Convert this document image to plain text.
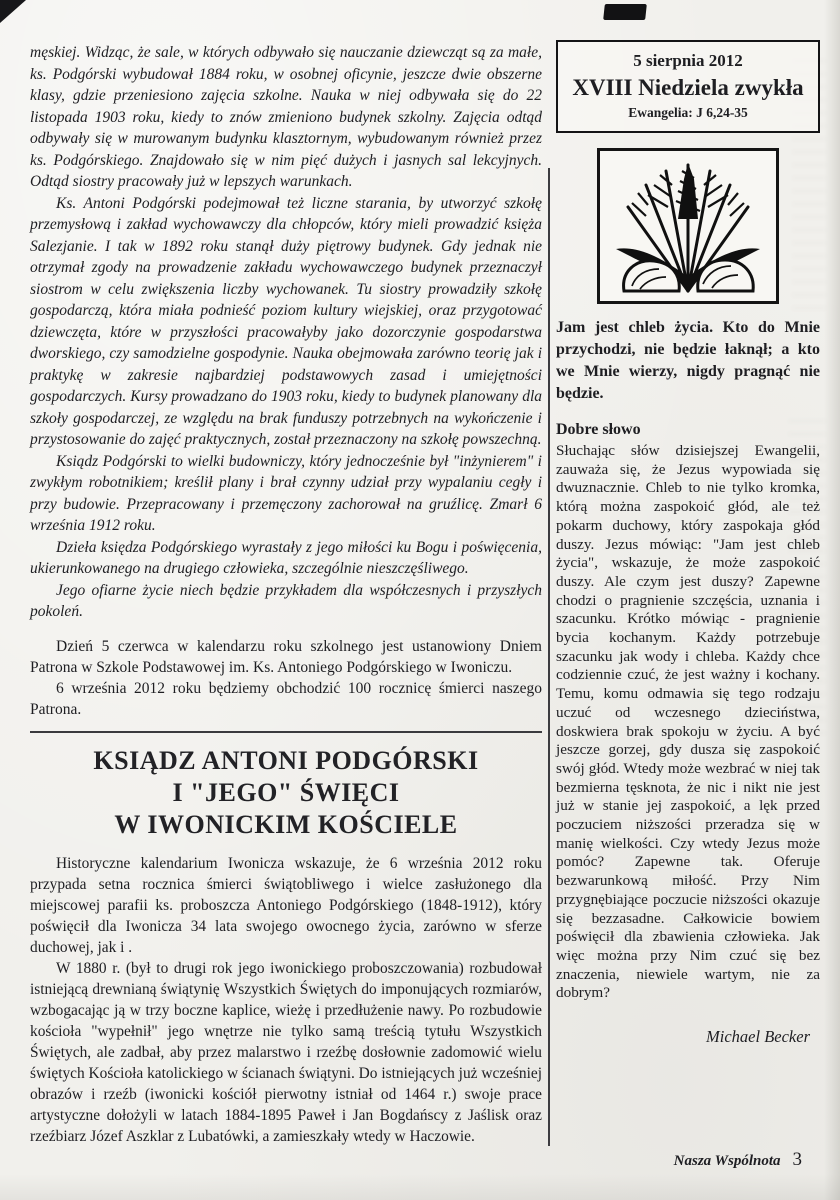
męskiej. Widząc, że sale, w których odbywało się nauczanie dziewcząt są za małe, ks. Podgórski wybudował 1884 roku, w osobnej oficynie, jeszcze dwie obszerne klasy, gdzie przeniesiono zajęcia szkolne. Nauka w niej odbywała się do 22 listopada 1903 roku, kiedy to znów zmieniono budynek szkolny. Zajęcia odtąd odbywały się w murowanym budynku klasztornym, wybudowanym również przez ks. Podgórskiego. Znajdowało się w nim pięć dużych i jasnych sal lekcyjnych. Odtąd siostry pracowały już w lepszych warunkach.

Ks. Antoni Podgórski podejmował też liczne starania, by utworzyć szkołę przemysłową i zakład wychowawczy dla chłopców, który mieli prowadzić księża Salezjanie. I tak w 1892 roku stanął duży piętrowy budynek. Gdy jednak nie otrzymał zgody na prowadzenie zakładu wychowawczego budynek przeznaczył siostrom w celu zwiększenia liczby wychowanek. Tu siostry prowadziły szkołę gospodarczą, która miała podnieść poziom kultury wiejskiej, oraz przygotować dziewczęta, które w przyszłości pracowałyby jako dozorczynie gospodarstwa dworskiego, czy samodzielne gospodynie. Nauka obejmowała zarówno teorię jak i praktykę w zakresie najbardziej podstawowych zasad i umiejętności gospodarczych. Kursy prowadzano do 1903 roku, kiedy to budynek planowany dla szkoły gospodarczej, ze względu na brak funduszy potrzebnych na wykończenie i przystosowanie do zajęć praktycznych, został przeznaczony na szkołę powszechną.

Ksiądz Podgórski to wielki budowniczy, który jednocześnie był "inżynierem" i zwykłym robotnikiem; kreślił plany i brał czynny udział przy wypalaniu cegły i przy budowie. Przepracowany i przemęczony zachorował na gruźlicę. Zmarł 6 września 1912 roku.

Dzieła księdza Podgórskiego wyrastały z jego miłości ku Bogu i poświęcenia, ukierunkowanego na drugiego człowieka, szczególnie nieszczęśliwego.

Jego ofiarne życie niech będzie przykładem dla współczesnych i przyszłych pokoleń.

Dzień 5 czerwca w kalendarzu roku szkolnego jest ustanowiony Dniem Patrona w Szkole Podstawowej im. Ks. Antoniego Podgórskiego w Iwoniczu.

6 września 2012 roku będziemy obchodzić 100 rocznicę śmierci naszego Patrona.

KSIĄDZ ANTONI PODGÓRSKI
I "JEGO" ŚWIĘCI
W IWONICKIM KOŚCIELE

Historyczne kalendarium Iwonicza wskazuje, że 6 września 2012 roku przypada setna rocznica śmierci świątobliwego i wielce zasłużonego dla miejscowej parafii ks. proboszcza Antoniego Podgórskiego (1848-1912), który poświęcił dla Iwonicza 34 lata swojego owocnego życia, zarówno w sferze duchowej, jak i .

W 1880 r. (był to drugi rok jego iwonickiego proboszczowania) rozbudował istniejącą drewnianą świątynię Wszystkich Świętych do imponujących rozmiarów, wzbogacając ją w trzy boczne kaplice, wieżę i przedłużenie nawy. Po rozbudowie kościoła "wypełnił" jego wnętrze nie tylko samą treścią tytułu Wszystkich Świętych, ale zadbał, aby przez malarstwo i rzeźbę dosłownie zadomowić wielu świętych Kościoła katolickiego w ścianach świątyni. Do istniejących już wcześniej obrazów i rzeźb (iwonicki kościół pierwotny istniał od 1464 r.) swoje prace artystyczne dołożyli w latach 1884-1895 Paweł i Jan Bogdańscy z Jaślisk oraz rzeźbiarz Józef Aszklar z Lubatówki, a zamieszkały wtedy w Haczowie.

5 sierpnia 2012
XVIII Niedziela zwykła
Ewangelia: J 6,24-35

Jam jest chleb życia. Kto do Mnie przychodzi, nie będzie łaknął; a kto we Mnie wierzy, nigdy pragnąć nie będzie.

Dobre słowo

Słuchając słów dzisiejszej Ewangelii, zauważa się, że Jezus wypowiada się dwuznacznie. Chleb to nie tylko kromka, którą można zaspokoić głód, ale też pokarm duchowy, który zaspokaja głód duszy. Jezus mówiąc: "Jam jest chleb życia", wskazuje, że może zaspokoić duszy. Ale czym jest duszy? Zapewne chodzi o pragnienie szczęścia, uznania i szacunku. Krótko mówiąc - pragnienie bycia kochanym. Każdy potrzebuje szacunku jak wody i chleba. Każdy chce codziennie czuć, że jest ważny i kochany. Temu, komu odmawia się tego rodzaju uczuć od wczesnego dzieciństwa, doskwiera brak spokoju w życiu. A być jeszcze gorzej, gdy dusza się zaspokoić swój głód. Wtedy może wezbrać w niej tak bezmierna tęsknota, że nic i nikt nie jest już w stanie jej zaspokoić, a lęk przed poczuciem niższości przeradza się w manię wielkości. Czy wtedy Jezus może pomóc? Zapewne tak. Oferuje bezwarunkową miłość. Przy Nim przygnębiające poczucie niższości okazuje się bezzasadne. Całkowicie bowiem poświęcił dla zbawienia człowieka. Jak więc można przy Nim czuć się bez znaczenia, niewiele wartym, nie za dobrym?

Michael Becker
Nasza Wspólnota 3
